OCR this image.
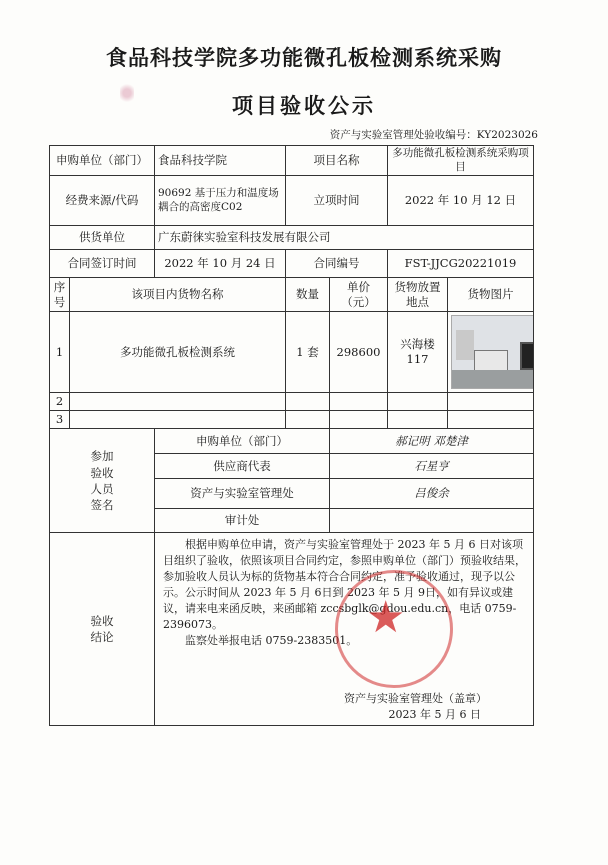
食品科技学院多功能微孔板检测系统采购
项目验收公示
资产与实验室管理处验收编号：KY2023026
申购单位（部门）		食品科技学院	项目名称		多功能微孔板检测系统采购项目	
经费来源/代码		90692 基于压力和温度场耦合的高密度C02	立项时间		2022 年 10 月 12 日	
供货单位		广东蔚徕实验室科技发展有限公司				
合同签订时间		2022 年 10 月 24 日	合同编号		FST-JJCG20221019	
序号	该项目内货物名称		数量	单价（元）	货物放置地点	货物图片
1	多功能微孔板检测系统		1 套	298600	兴海楼117	

2						
3						

参加验收人员签名		申购单位（部门）		郝记明 邓楚津		
		供应商代表		石星亨		
		资产与实验室管理处		吕俊余		
		审计处				

验收结论		根据申购单位申请，资产与实验室管理处于 2023 年 5 月 6 日对该项目组织了验收，依照该项目合同约定，参照申购单位（部门）预验收结果，参加验收人员认为标的货物基本符合合同约定，准予验收通过，现予以公示。公示时间从 2023 年 5 月 6日到 2023 年 5 月 9日，如有异议或建议，请来电来函反映，来函邮箱 zccsbglk@gdou.edu.cn，电话 0759-2396073。

监察处举报电话 0759-2383501。

资产与实验室管理处（盖章）
2023 年 5 月 6 日				
★
